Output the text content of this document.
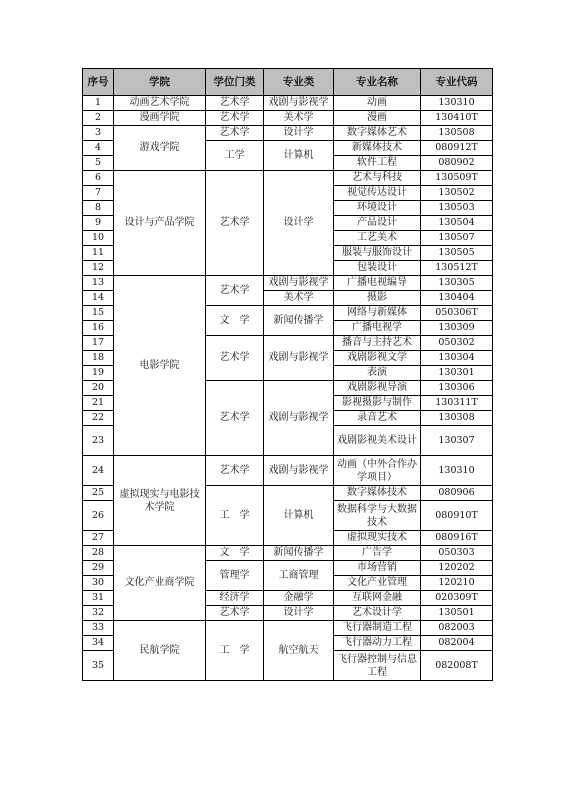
序号	学院	学位门类	专业类	专业名称	专业代码
1	动画艺术学院	艺术学	戏剧与影视学	动画	130310
2	漫画学院	艺术学	美术学	漫画	130410T
3	游戏学院	艺术学	设计学	数字媒体艺术	130508
4		工学	计算机	新媒体技术	080912T
5				软件工程	080902
6	设计与产品学院	艺术学	设计学	艺术与科技	130509T
7				视觉传达设计	130502
8				环境设计	130503
9				产品设计	130504
10				工艺美术	130507
11				服装与服饰设计	130505
12				包装设计	130512T
13	电影学院	艺术学	戏剧与影视学	广播电视编导	130305
14			美术学	摄影	130404
15		文　学	新闻传播学	网络与新媒体	050306T
16				广播电视学	130309
17		艺术学	戏剧与影视学	播音与主持艺术	050302
18				戏剧影视文学	130304
19				表演	130301
20		艺术学	戏剧与影视学	戏剧影视导演	130306
21				影视摄影与制作	130311T
22				录音艺术	130308
23				戏剧影视美术设计	130307
24	虚拟现实与电影技术学院	艺术学	戏剧与影视学	动画（中外合作办学项目）	130310
25		工　学	计算机	数字媒体技术	080906
26				数据科学与大数据技术	080910T
27				虚拟现实技术	080916T
28	文化产业商学院	文　学	新闻传播学	广告学	050303
29		管理学	工商管理	市场营销	120202
30				文化产业管理	120210
31		经济学	金融学	互联网金融	020309T
32		艺术学	设计学	艺术设计学	130501
33	民航学院	工　学	航空航天	飞行器制造工程	082003
34				飞行器动力工程	082004
35				飞行器控制与信息工程	082008T
